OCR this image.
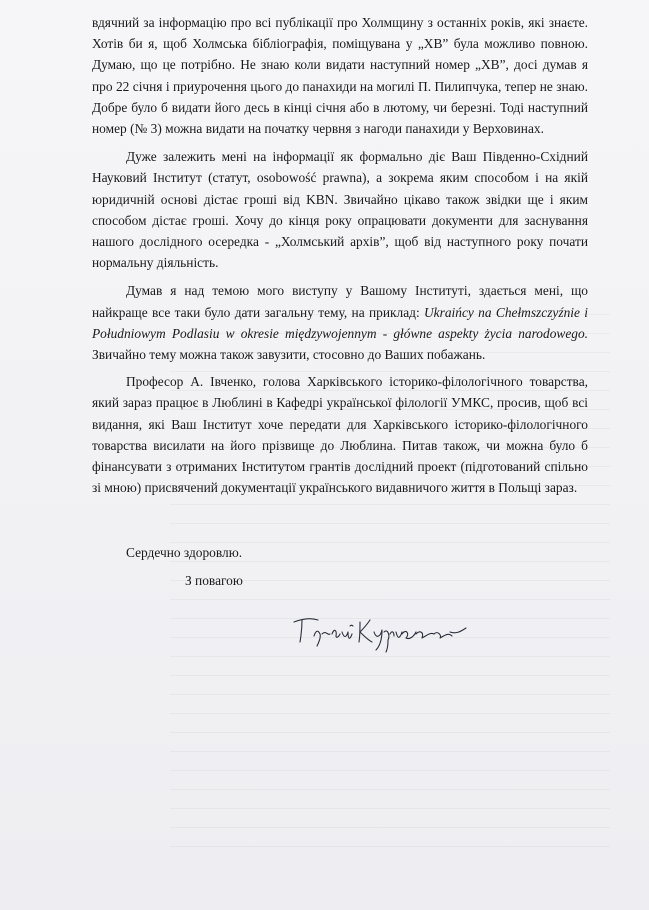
вдячний за інформацію про всі публікації про Холмщину з останніх років, які знаєте. Хотів би я, щоб Холмська бібліографія, поміщувана у „ХВ” була можливо повною. Думаю, що це потрібно. Не знаю коли видати наступний номер „ХВ”, досі думав я про 22 січня і приурочення цього до панахиди на могилі П. Пилипчука, тепер не знаю. Добре було б видати його десь в кінці січня або в лютому, чи березні. Тоді наступний номер (№ 3) можна видати на початку червня з нагоди панахиди у Верховинах.

Дуже залежить мені на інформації як формально діє Ваш Південно-Східний Науковий Інститут (статут, osobowość prawna), а зокрема яким способом і на якій юридичній основі дістає гроші від KBN. Звичайно цікаво також звідки ще і яким способом дістає гроші. Хочу до кінця року опрацювати документи для заснування нашого дослідного осередка - „Холмський архів”, щоб від наступного року почати нормальну діяльність.

Думав я над темою мого виступу у Вашому Інституті, здається мені, що найкраще все таки було дати загальну тему, на приклад: Ukraińcy na Chełmszczyźnie i Południowym Podlasiu w okresie międzywojennym - główne aspekty życia narodowego. Звичайно тему можна також завузити, стосовно до Ваших побажань.

Професор А. Івченко, голова Харківського історико-філологічного товарства, який зараз працює в Люблині в Кафедрі української філології УМКС, просив, щоб всі видання, які Ваш Інститут хоче передати для Харківського історико-філологічного товарства висилати на його прізвище до Люблина. Питав також, чи можна було б фінансувати з отриманих Інститутом грантів дослідний проект (підготований спільно зі мною) присвячений документації українського видавничого життя в Польщі зараз.

Сердечно здоровлю.
З повагою
